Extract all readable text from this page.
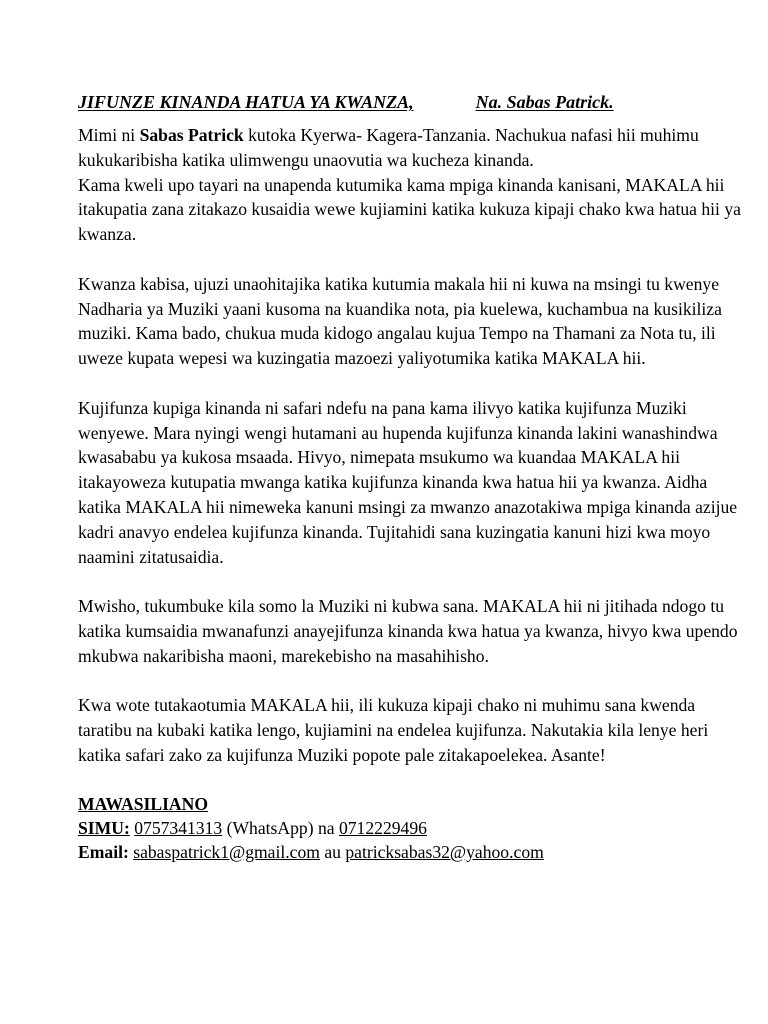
JIFUNZE KINANDA HATUA YA KWANZA,	Na. Sabas Patrick.

Mimi ni Sabas Patrick kutoka Kyerwa- Kagera-Tanzania. Nachukua nafasi hii muhimu kukukaribisha katika ulimwengu unaovutia wa kucheza kinanda.

Kama kweli upo tayari na unapenda kutumika kama mpiga kinanda kanisani, MAKALA hii itakupatia zana zitakazo kusaidia wewe kujiamini katika kukuza kipaji chako kwa hatua hii ya kwanza.

Kwanza kabisa, ujuzi unaohitajika katika kutumia makala hii ni kuwa na msingi tu kwenye Nadharia ya Muziki yaani kusoma na kuandika nota, pia kuelewa, kuchambua na kusikiliza muziki. Kama bado, chukua muda kidogo angalau kujua Tempo na Thamani za Nota tu, ili uweze kupata wepesi wa kuzingatia mazoezi yaliyotumika katika MAKALA hii.

Kujifunza kupiga kinanda ni safari ndefu na pana kama ilivyo katika kujifunza Muziki wenyewe. Mara nyingi wengi hutamani au hupenda kujifunza kinanda lakini wanashindwa kwasababu ya kukosa msaada. Hivyo, nimepata msukumo wa kuandaa MAKALA hii itakayoweza kutupatia mwanga katika kujifunza kinanda kwa hatua hii ya kwanza. Aidha katika MAKALA hii nimeweka kanuni msingi za mwanzo anazotakiwa mpiga kinanda azijue kadri anavyo endelea kujifunza kinanda. Tujitahidi sana kuzingatia kanuni hizi kwa moyo naamini zitatusaidia.

Mwisho, tukumbuke kila somo la Muziki ni kubwa sana. MAKALA hii ni jitihada ndogo tu katika kumsaidia mwanafunzi anayejifunza kinanda kwa hatua ya kwanza, hivyo kwa upendo mkubwa nakaribisha maoni, marekebisho na masahihisho.

Kwa wote tutakaotumia MAKALA hii, ili kukuza kipaji chako ni muhimu sana kwenda taratibu na kubaki katika lengo, kujiamini na endelea kujifunza. Nakutakia kila lenye heri katika safari zako za kujifunza Muziki popote pale zitakapoelekea. Asante!

MAWASILIANO
SIMU: 0757341313 (WhatsApp) na 0712229496
Email: sabaspatrick1@gmail.com au patricksabas32@yahoo.com
